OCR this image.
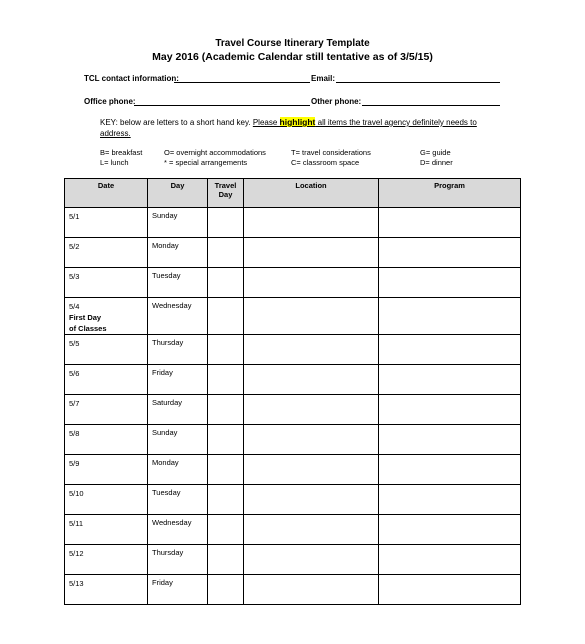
Travel Course Itinerary Template
May 2016 (Academic Calendar still tentative as of 3/5/15)
TCL contact information:	Email:
Office phone:	Other phone:
KEY: below are letters to a short hand key. Please highlight all items the travel agency definitely needs to address.
B= breakfast
L= lunch
O= overnight accommodations
* = special arrangements
T= travel considerations
C= classroom space
G= guide
D= dinner
Date	Day	Travel Day	Location	Program

5/1	Sunday			

5/2	Monday			

5/3	Tuesday			

5/4
First Day
of Classes	Wednesday			

5/5	Thursday			

5/6	Friday			

5/7	Saturday			

5/8	Sunday			

5/9	Monday			

5/10	Tuesday			

5/11	Wednesday			

5/12	Thursday			

5/13	Friday			
